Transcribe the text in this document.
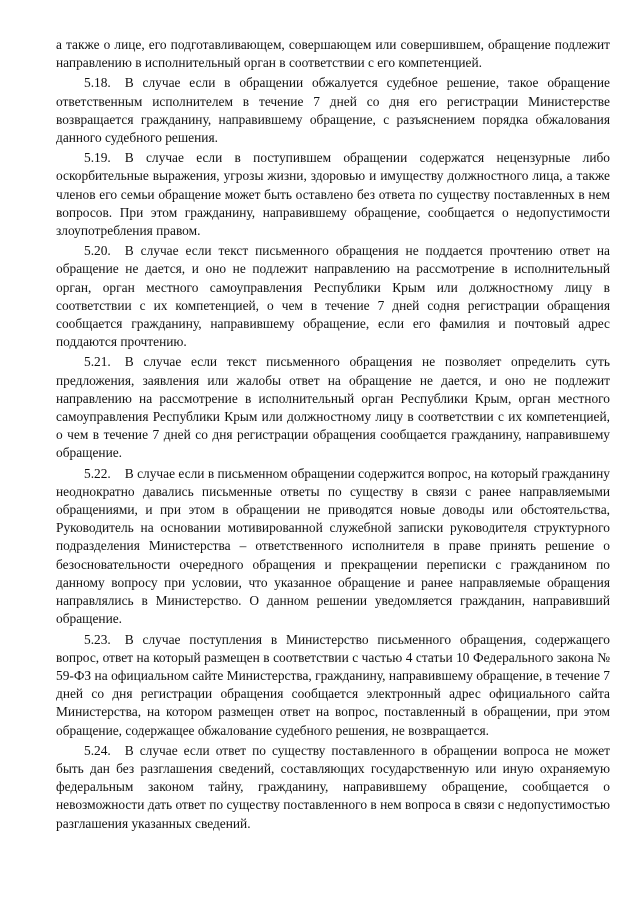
а также о лице, его подготавливающем, совершающем или совершившем, обращение подлежит направлению в исполнительный орган в соответствии с его компетенцией.

5.18. В случае если в обращении обжалуется судебное решение, такое обращение ответственным исполнителем в течение 7 дней со дня его регистрации Министерстве возвращается гражданину, направившему обращение, с разъяснением порядка обжалования данного судебного решения.

5.19. В случае если в поступившем обращении содержатся нецензурные либо оскорбительные выражения, угрозы жизни, здоровью и имуществу должностного лица, а также членов его семьи обращение может быть оставлено без ответа по существу поставленных в нем вопросов. При этом гражданину, направившему обращение, сообщается о недопустимости злоупотребления правом.

5.20. В случае если текст письменного обращения не поддается прочтению ответ на обращение не дается, и оно не подлежит направлению на рассмотрение в исполнительный орган, орган местного самоуправления Республики Крым или должностному лицу в соответствии с их компетенцией, о чем в течение 7 дней содня регистрации обращения сообщается гражданину, направившему обращение, если его фамилия и почтовый адрес поддаются прочтению.

5.21. В случае если текст письменного обращения не позволяет определить суть предложения, заявления или жалобы ответ на обращение не дается, и оно не подлежит направлению на рассмотрение в исполнительный орган Республики Крым, орган местного самоуправления Республики Крым или должностному лицу в соответствии с их компетенцией, о чем в течение 7 дней со дня регистрации обращения сообщается гражданину, направившему обращение.

5.22. В случае если в письменном обращении содержится вопрос, на который гражданину неоднократно давались письменные ответы по существу в связи с ранее направляемыми обращениями, и при этом в обращении не приводятся новые доводы или обстоятельства, Руководитель на основании мотивированной служебной записки руководителя структурного подразделения Министерства – ответственного исполнителя в праве принять решение о безосновательности очередного обращения и прекращении переписки с гражданином по данному вопросу при условии, что указанное обращение и ранее направляемые обращения направлялись в Министерство. О данном решении уведомляется гражданин, направивший обращение.

5.23. В случае поступления в Министерство письменного обращения, содержащего вопрос, ответ на который размещен в соответствии с частью 4 статьи 10 Федерального закона № 59-ФЗ на официальном сайте Министерства, гражданину, направившему обращение, в течение 7 дней со дня регистрации обращения сообщается электронный адрес официального сайта Министерства, на котором размещен ответ на вопрос, поставленный в обращении, при этом обращение, содержащее обжалование судебного решения, не возвращается.

5.24. В случае если ответ по существу поставленного в обращении вопроса не может быть дан без разглашения сведений, составляющих государственную или иную охраняемую федеральным законом тайну, гражданину, направившему обращение, сообщается о невозможности дать ответ по существу поставленного в нем вопроса в связи с недопустимостью разглашения указанных сведений.
